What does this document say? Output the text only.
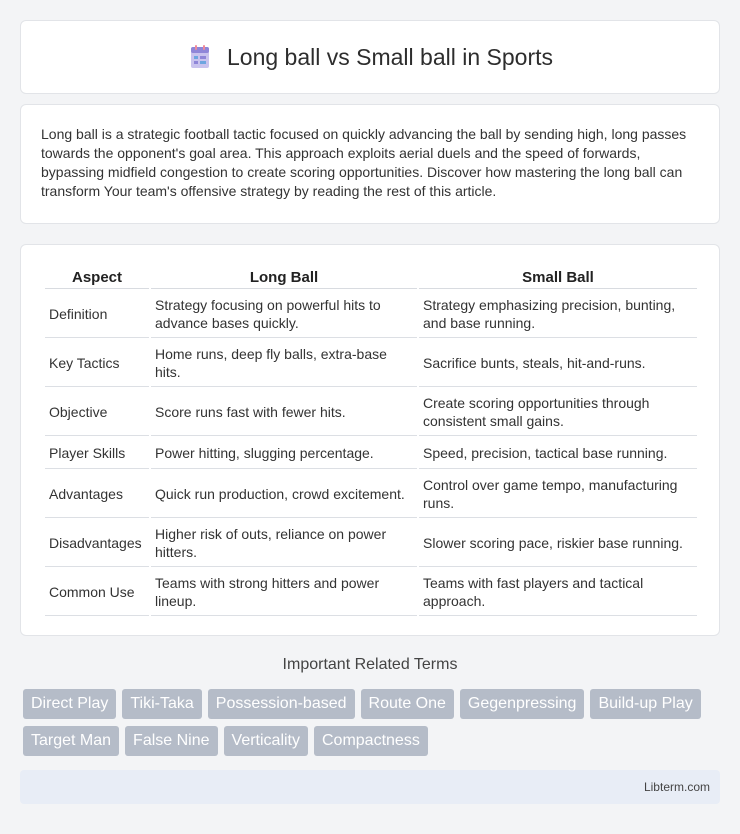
Long ball vs Small ball in Sports

Long ball is a strategic football tactic focused on quickly advancing the ball by sending high, long passes towards the opponent's goal area. This approach exploits aerial duels and the speed of forwards, bypassing midfield congestion to create scoring opportunities. Discover how mastering the long ball can transform Your team's offensive strategy by reading the rest of this article.

Aspect	Long Ball	Small Ball
Definition	Strategy focusing on powerful hits to advance bases quickly.	Strategy emphasizing precision, bunting, and base running.
Key Tactics	Home runs, deep fly balls, extra-base hits.	Sacrifice bunts, steals, hit-and-runs.
Objective	Score runs fast with fewer hits.	Create scoring opportunities through consistent small gains.
Player Skills	Power hitting, slugging percentage.	Speed, precision, tactical base running.
Advantages	Quick run production, crowd excitement.	Control over game tempo, manufacturing runs.
Disadvantages	Higher risk of outs, reliance on power hitters.	Slower scoring pace, riskier base running.
Common Use	Teams with strong hitters and power lineup.	Teams with fast players and tactical approach.
Important Related Terms
Direct Play	Tiki-Taka	Possession-based	Route One	Gegenpressing	Build-up Play
Target Man	False Nine	Verticality	Compactness
Libterm.com
